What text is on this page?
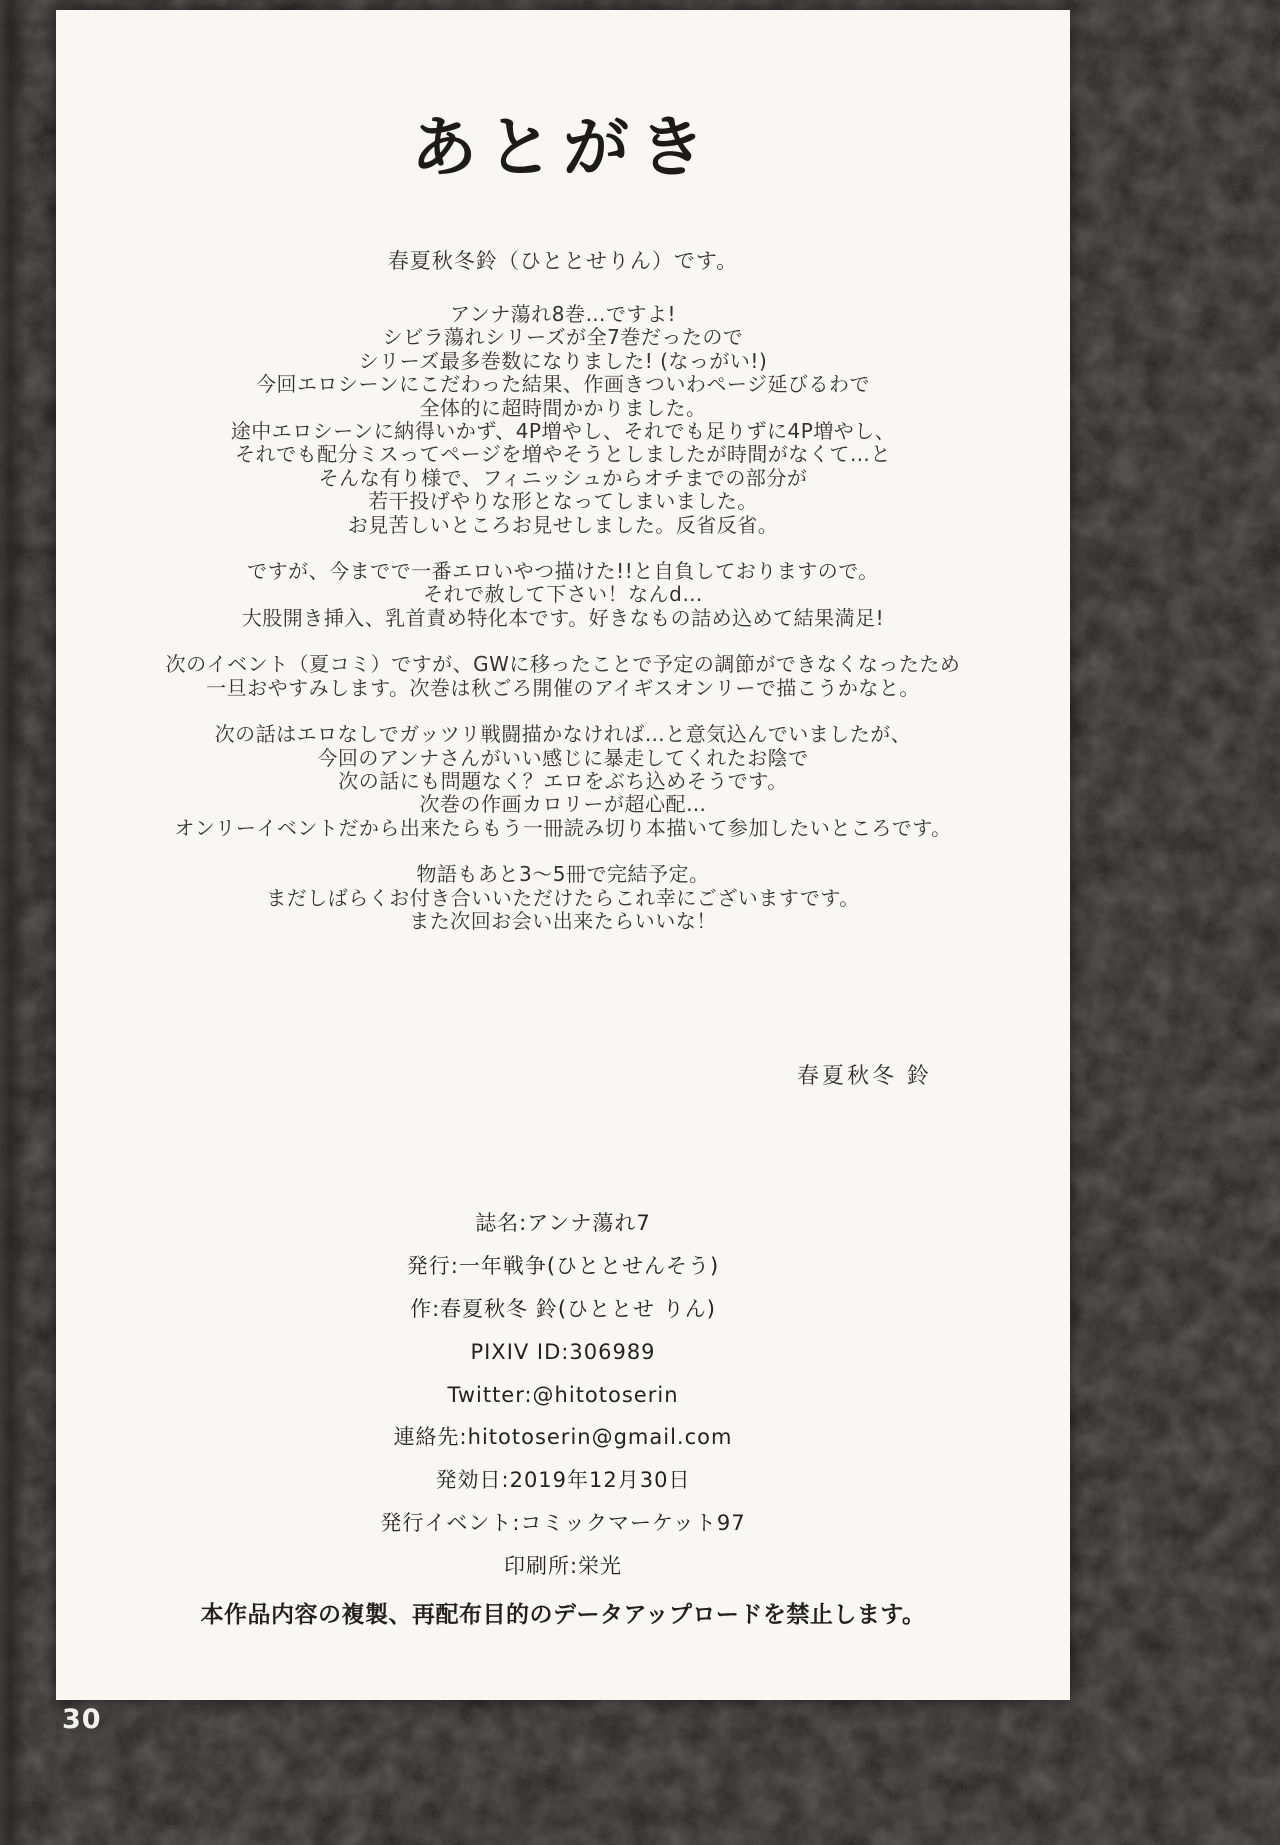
あとがき
春夏秋冬鈴（ひととせりん）です。
アンナ蕩れ8巻…ですよ!
シビラ蕩れシリーズが全7巻だったので
シリーズ最多巻数になりました! (なっがい!)
今回エロシーンにこだわった結果、作画きついわページ延びるわで
全体的に超時間かかりました。
途中エロシーンに納得いかず、4P増やし、それでも足りずに4P増やし、
それでも配分ミスってページを増やそうとしましたが時間がなくて…と
そんな有り様で、フィニッシュからオチまでの部分が
若干投げやりな形となってしまいました。
お見苦しいところお見せしました。反省反省。
ですが、今までで一番エロいやつ描けた!!と自負しておりますので。
それで赦して下さい！なんd…
大股開き挿入、乳首責め特化本です。好きなもの詰め込めて結果満足!
次のイベント（夏コミ）ですが、GWに移ったことで予定の調節ができなくなったため
一旦おやすみします。次巻は秋ごろ開催のアイギスオンリーで描こうかなと。
次の話はエロなしでガッツリ戦闘描かなければ…と意気込んでいましたが、
今回のアンナさんがいい感じに暴走してくれたお陰で
次の話にも問題なく？エロをぶち込めそうです。
次巻の作画カロリーが超心配…
オンリーイベントだから出来たらもう一冊読み切り本描いて参加したいところです。
物語もあと3～5冊で完結予定。
まだしばらくお付き合いいただけたらこれ幸にございますです。
また次回お会い出来たらいいな！
春夏秋冬 鈴
誌名:アンナ蕩れ7
発行:一年戦争(ひととせんそう)
作:春夏秋冬 鈴(ひととせ りん)
PIXIV ID:306989
Twitter:@hitotoserin
連絡先:hitotoserin@gmail.com
発効日:2019年12月30日
発行イベント:コミックマーケット97
印刷所:栄光
本作品内容の複製、再配布目的のデータアップロードを禁止します。
30
